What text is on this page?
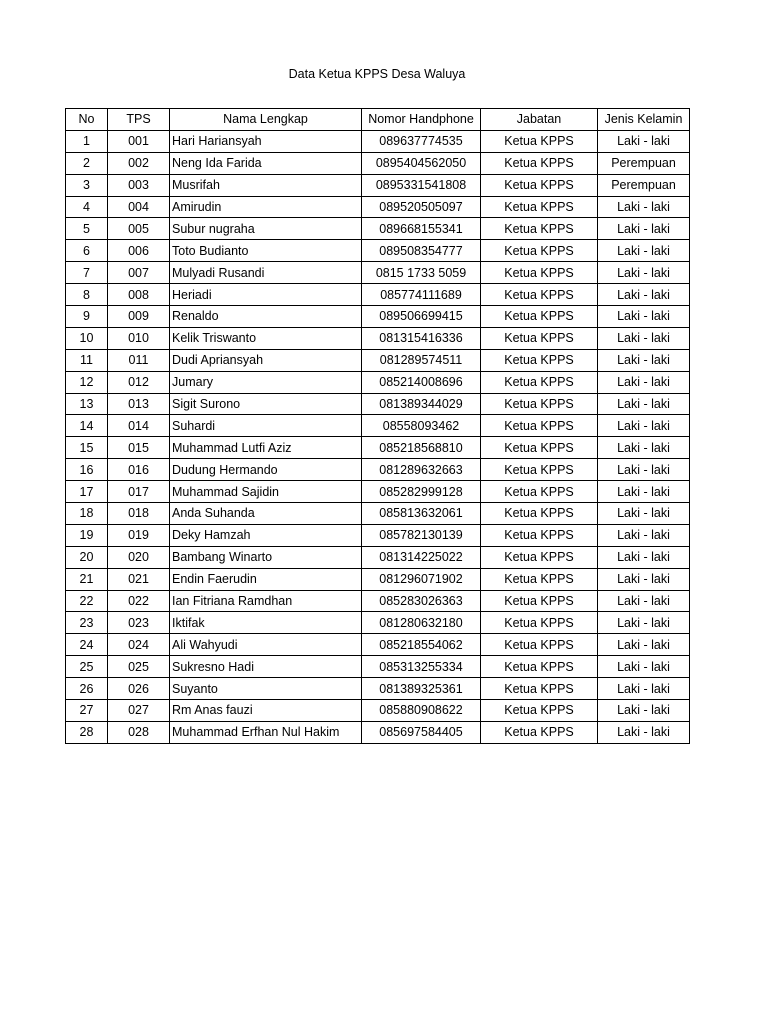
Data Ketua KPPS Desa Waluya
No	TPS	Nama Lengkap	Nomor Handphone	Jabatan	Jenis Kelamin
1	001	Hari Hariansyah	089637774535	Ketua KPPS	Laki - laki
2	002	Neng Ida Farida	0895404562050	Ketua KPPS	Perempuan
3	003	Musrifah	0895331541808	Ketua KPPS	Perempuan
4	004	Amirudin	089520505097	Ketua KPPS	Laki - laki
5	005	Subur nugraha	089668155341	Ketua KPPS	Laki - laki
6	006	Toto Budianto	089508354777	Ketua KPPS	Laki - laki
7	007	Mulyadi Rusandi	0815 1733 5059	Ketua KPPS	Laki - laki
8	008	Heriadi	085774111689	Ketua KPPS	Laki - laki
9	009	Renaldo	089506699415	Ketua KPPS	Laki - laki
10	010	Kelik Triswanto	081315416336	Ketua KPPS	Laki - laki
11	011	Dudi Apriansyah	081289574511	Ketua KPPS	Laki - laki
12	012	Jumary	085214008696	Ketua KPPS	Laki - laki
13	013	Sigit Surono	081389344029	Ketua KPPS	Laki - laki
14	014	Suhardi	08558093462	Ketua KPPS	Laki - laki
15	015	Muhammad Lutfi Aziz	085218568810	Ketua KPPS	Laki - laki
16	016	Dudung Hermando	081289632663	Ketua KPPS	Laki - laki
17	017	Muhammad Sajidin	085282999128	Ketua KPPS	Laki - laki
18	018	Anda Suhanda	085813632061	Ketua KPPS	Laki - laki
19	019	Deky Hamzah	085782130139	Ketua KPPS	Laki - laki
20	020	Bambang Winarto	081314225022	Ketua KPPS	Laki - laki
21	021	Endin Faerudin	081296071902	Ketua KPPS	Laki - laki
22	022	Ian Fitriana Ramdhan	085283026363	Ketua KPPS	Laki - laki
23	023	Iktifak	081280632180	Ketua KPPS	Laki - laki
24	024	Ali Wahyudi	085218554062	Ketua KPPS	Laki - laki
25	025	Sukresno Hadi	085313255334	Ketua KPPS	Laki - laki
26	026	Suyanto	081389325361	Ketua KPPS	Laki - laki
27	027	Rm Anas fauzi	085880908622	Ketua KPPS	Laki - laki
28	028	Muhammad Erfhan Nul Hakim	085697584405	Ketua KPPS	Laki - laki
